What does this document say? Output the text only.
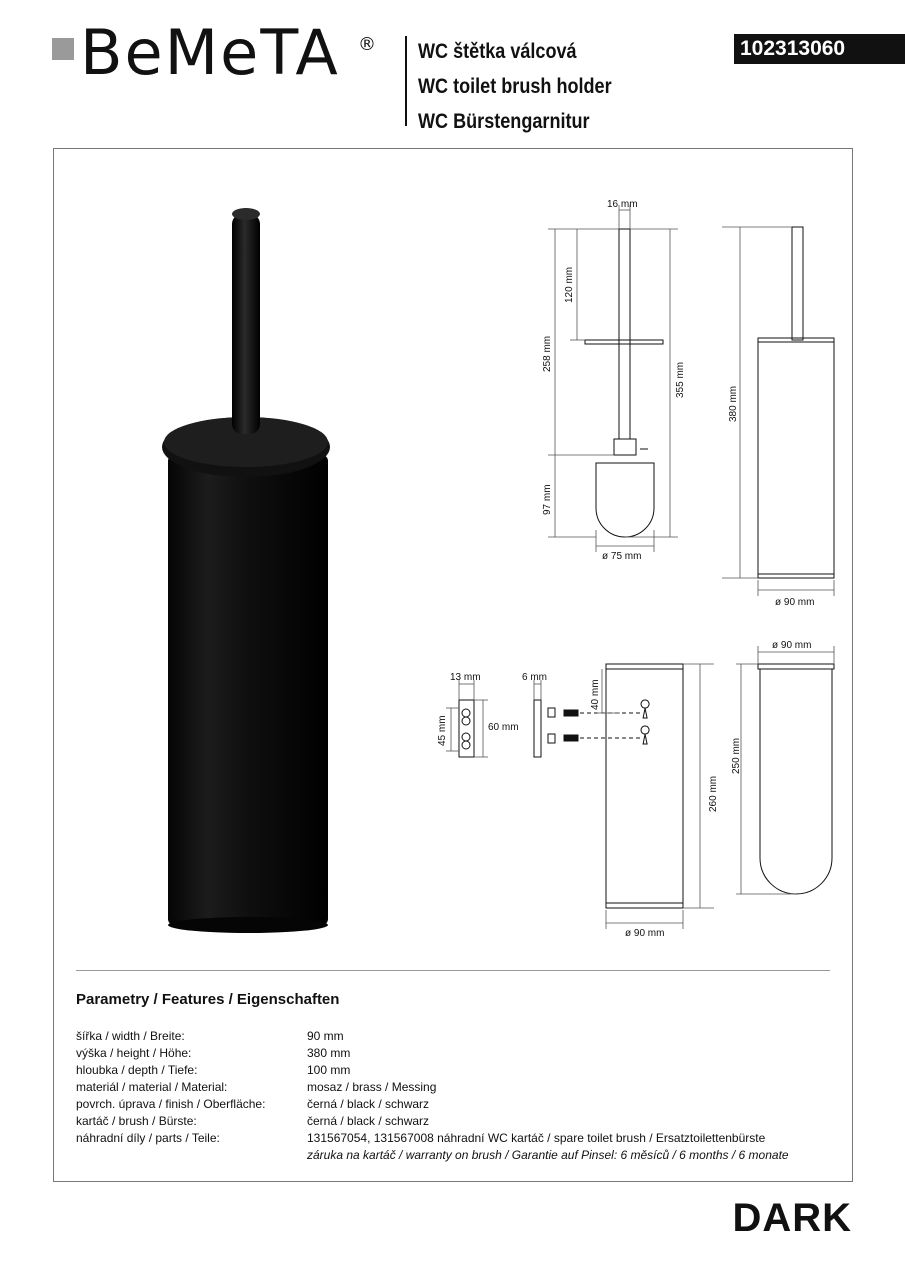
BeMeTA ® WC štětka válcová
WC toilet brush holder
WC Bürstengarnitur
102313060
16 mm
120 mm
258 mm
355 mm
97 mm
ø 75 mm
380 mm
ø 90 mm
ø 90 mm
13 mm
45 mm	60 mm
6 mm
40 mm
260 mm
250 mm
ø 90 mm
Parametry / Features / Eigenschaften
šířka / width / Breite:
výška / height / Höhe:
hloubka / depth / Tiefe:
materiál / material / Material:
povrch. úprava / finish / Oberfläche:
kartáč / brush / Bürste:
náhradní díly / parts / Teile:
90 mm
380 mm
100 mm
mosaz / brass / Messing
černá / black / schwarz
černá / black / schwarz
131567054, 131567008 náhradní WC kartáč / spare toilet brush / Ersatztoilettenbürste
záruka na kartáč / warranty on brush / Garantie auf Pinsel: 6 měsíců / 6 months / 6 monate
DARK
